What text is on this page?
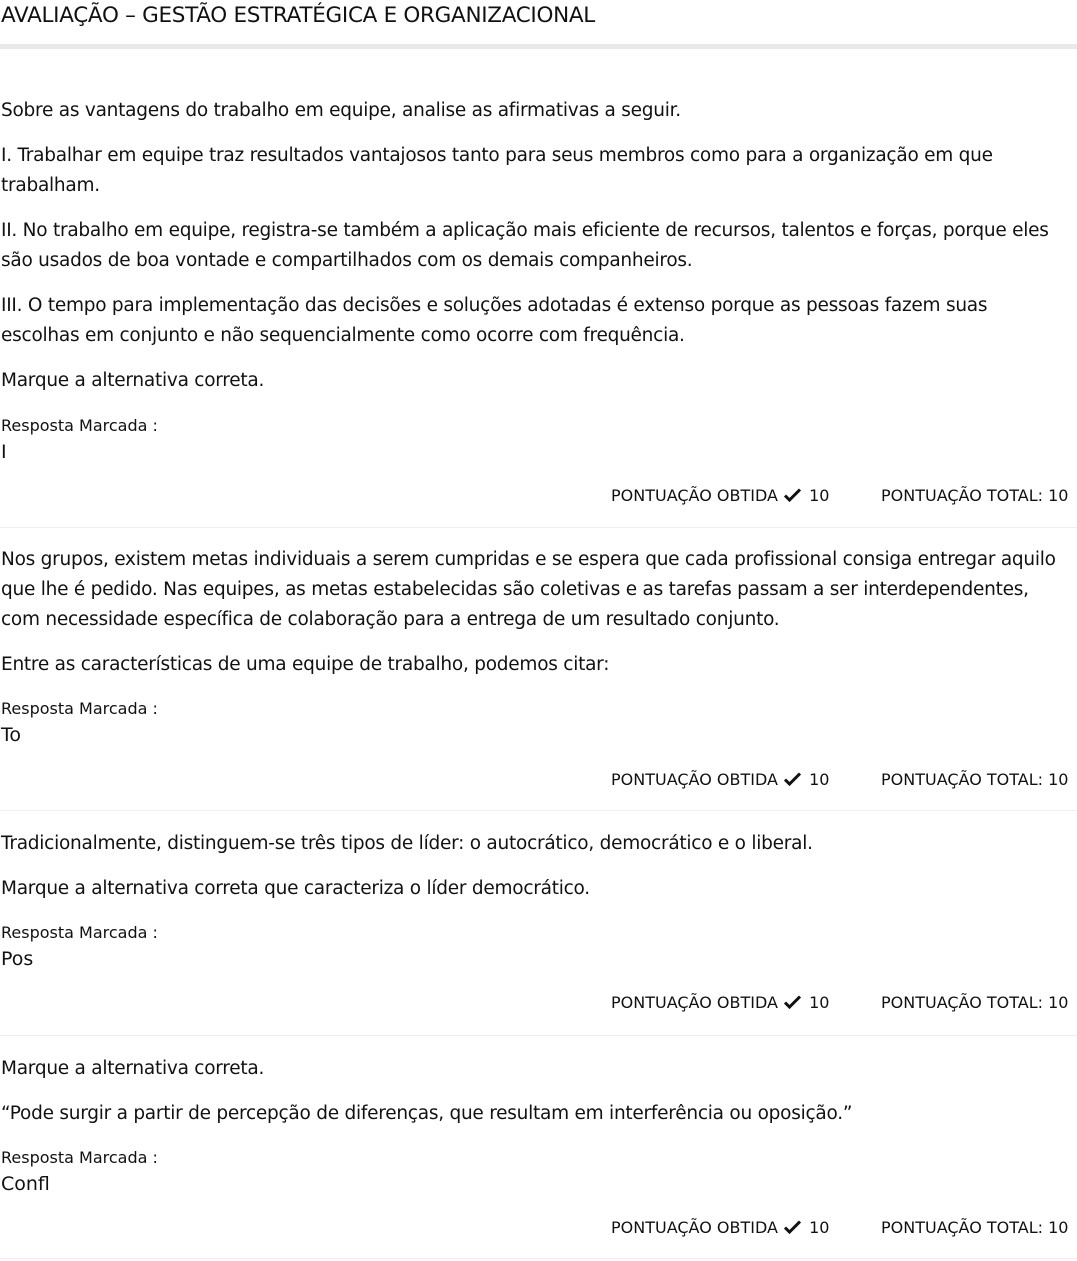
AVALIAÇÃO – GESTÃO ESTRATÉGICA E ORGANIZACIONAL

Sobre as vantagens do trabalho em equipe, analise as afirmativas a seguir.

I. Trabalhar em equipe traz resultados vantajosos tanto para seus membros como para a organização em que trabalham.

II. No trabalho em equipe, registra-se também a aplicação mais eficiente de recursos, talentos e forças, porque eles são usados de boa vontade e compartilhados com os demais companheiros.

III. O tempo para implementação das decisões e soluções adotadas é extenso porque as pessoas fazem suas escolhas em conjunto e não sequencialmente como ocorre com frequência.

Marque a alternativa correta.

Resposta Marcada :
I
PONTUAÇÃO OBTIDA 10	PONTUAÇÃO TOTAL: 10

Nos grupos, existem metas individuais a serem cumpridas e se espera que cada profissional consiga entregar aquilo que lhe é pedido. Nas equipes, as metas estabelecidas são coletivas e as tarefas passam a ser interdependentes, com necessidade específica de colaboração para a entrega de um resultado conjunto.

Entre as características de uma equipe de trabalho, podemos citar:

Resposta Marcada :
To
PONTUAÇÃO OBTIDA 10	PONTUAÇÃO TOTAL: 10

Tradicionalmente, distinguem-se três tipos de líder: o autocrático, democrático e o liberal.

Marque a alternativa correta que caracteriza o líder democrático.

Resposta Marcada :
Pos
PONTUAÇÃO OBTIDA 10	PONTUAÇÃO TOTAL: 10

Marque a alternativa correta.

“Pode surgir a partir de percepção de diferenças, que resultam em interferência ou oposição.”

Resposta Marcada :
Confl
PONTUAÇÃO OBTIDA 10	PONTUAÇÃO TOTAL: 10
